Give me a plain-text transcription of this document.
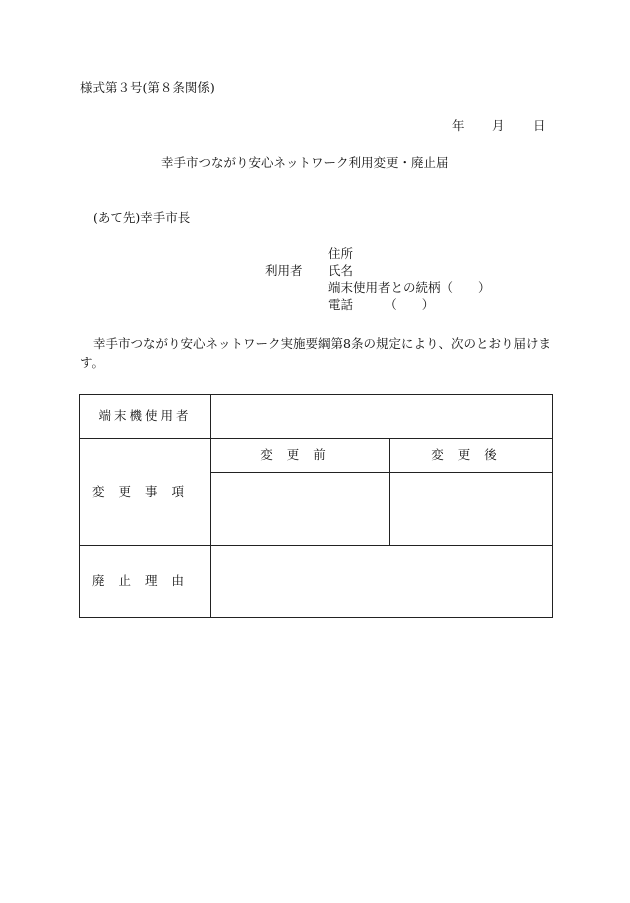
様式第３号(第８条関係)
年 月 日
幸手市つながり安心ネットワーク利用変更・廃止届
(あて先)幸手市長
利用者
住所
氏名
端末使用者との続柄（　　）
電話　　　（　　）
幸手市つながり安心ネットワーク実施要綱第8条の規定により、次のとおり届けます。
端末機使用者		
変更事項	変更前	変更後

廃止理由		
